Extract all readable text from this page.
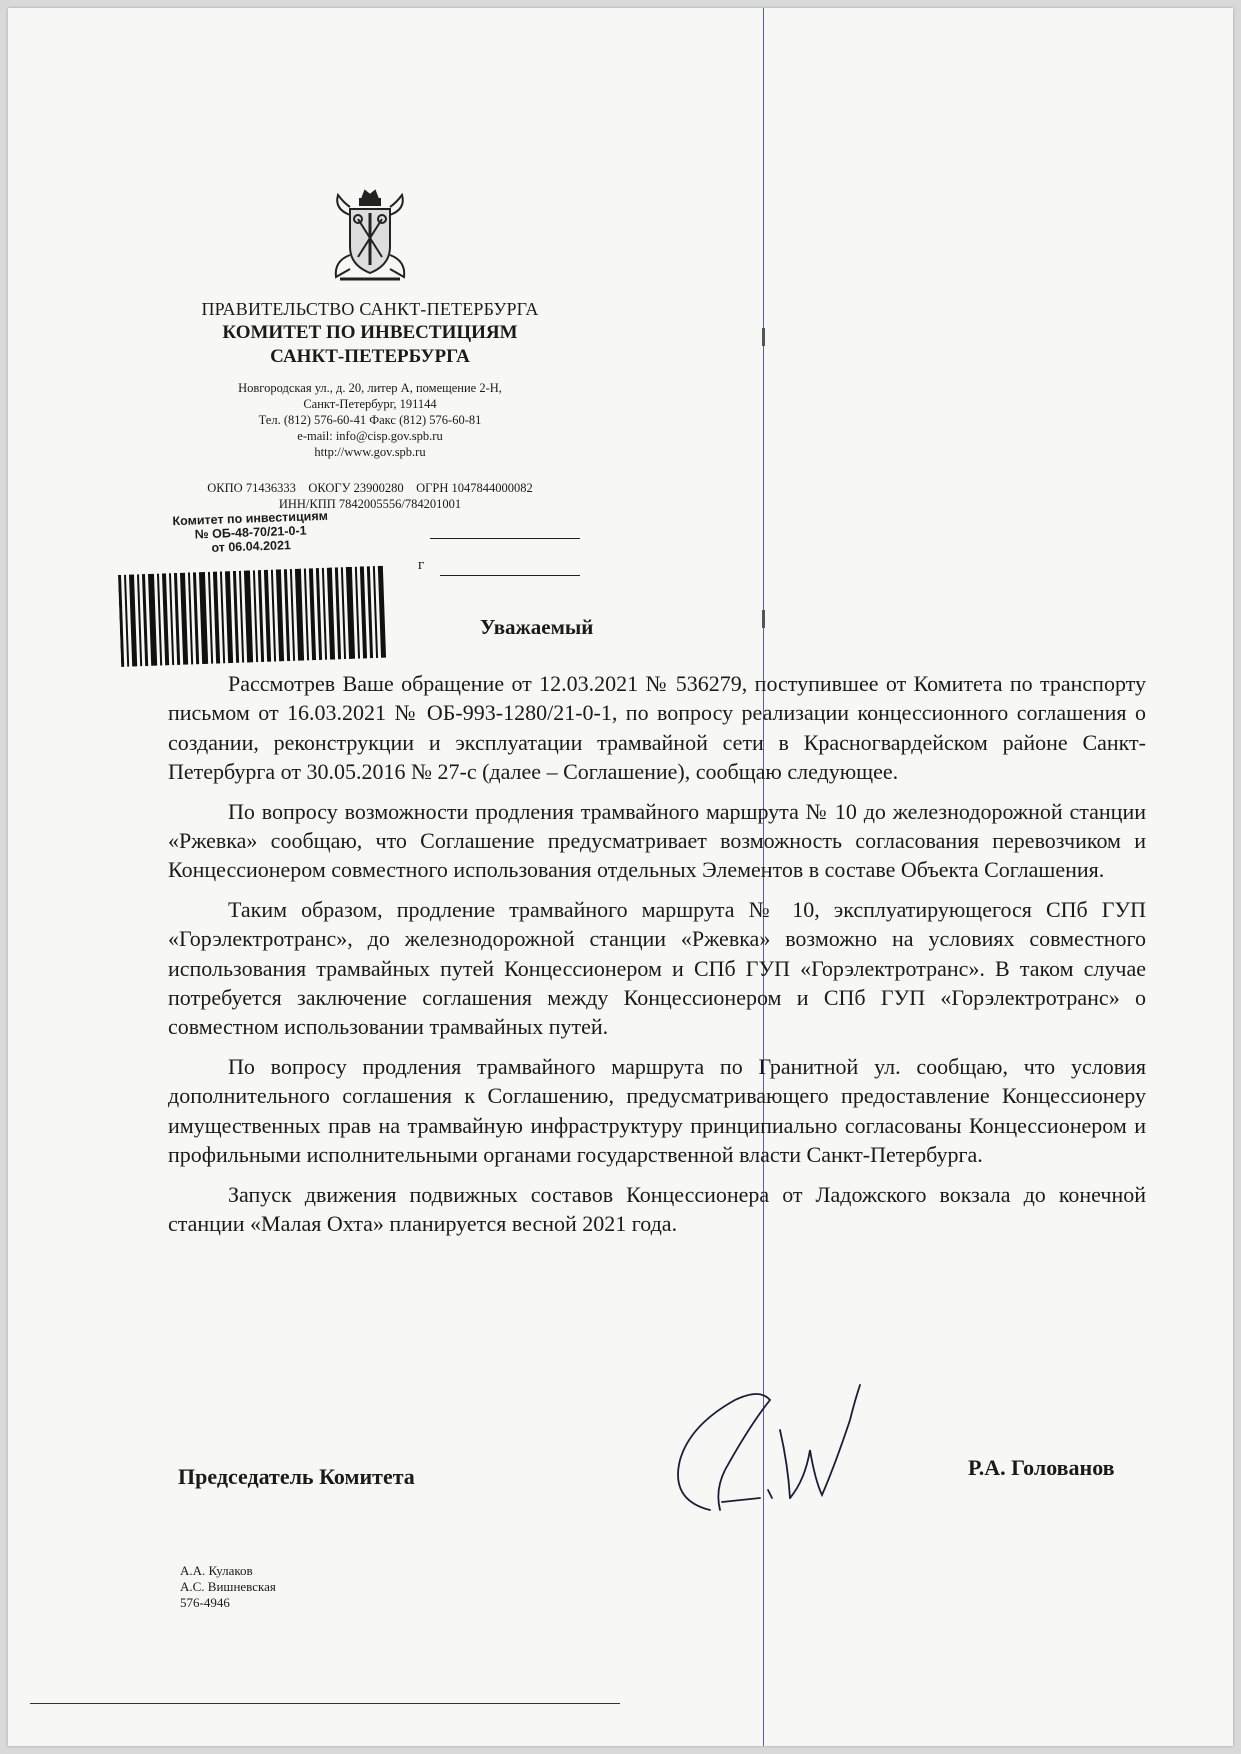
ПРАВИТЕЛЬСТВО САНКТ-ПЕТЕРБУРГА
КОМИТЕТ ПО ИНВЕСТИЦИЯМ
САНКТ-ПЕТЕРБУРГА
Новгородская ул., д. 20, литер А, помещение 2-Н,
Санкт-Петербург, 191144
Тел. (812) 576-60-41 Факс (812) 576-60-81
e-mail: info@cisp.gov.spb.ru
http://www.gov.spb.ru
ОКПО 71436333    ОКОГУ 23900280    ОГРН 1047844000082
ИНН/КПП 7842005556/784201001
Комитет по инвестициям
№ ОБ-48-70/21-0-1
от 06.04.2021
г
Уважаемый

Рассмотрев Ваше обращение от 12.03.2021 № 536279, поступившее от Комитета по транспорту письмом от 16.03.2021 № ОБ-993-1280/21-0-1, по вопросу реализации концессионного соглашения о создании, реконструкции и эксплуатации трамвайной сети в Красногвардейском районе Санкт-Петербурга от 30.05.2016 № 27-с (далее – Соглашение), сообщаю следующее.

По вопросу возможности продления трамвайного маршрута № 10 до железнодорожной станции «Ржевка» сообщаю, что Соглашение предусматривает возможность согласования перевозчиком и Концессионером совместного использования отдельных Элементов в составе Объекта Соглашения.

Таким образом, продление трамвайного маршрута № 10, эксплуатирующегося СПб ГУП «Горэлектротранс», до железнодорожной станции «Ржевка» возможно на условиях совместного использования трамвайных путей Концессионером и СПб ГУП «Горэлектротранс». В таком случае потребуется заключение соглашения между Концессионером и СПб ГУП «Горэлектротранс» о совместном использовании трамвайных путей.

По вопросу продления трамвайного маршрута по Гранитной ул. сообщаю, что условия дополнительного соглашения к Соглашению, предусматривающего предоставление Концессионеру имущественных прав на трамвайную инфраструктуру принципиально согласованы Концессионером и профильными исполнительными органами государственной власти Санкт-Петербурга.

Запуск движения подвижных составов Концессионера от Ладожского вокзала до конечной станции «Малая Охта» планируется весной 2021 года.

Председатель Комитета	Р.А. Голованов
А.А. Кулаков
А.С. Вишневская
576-4946
